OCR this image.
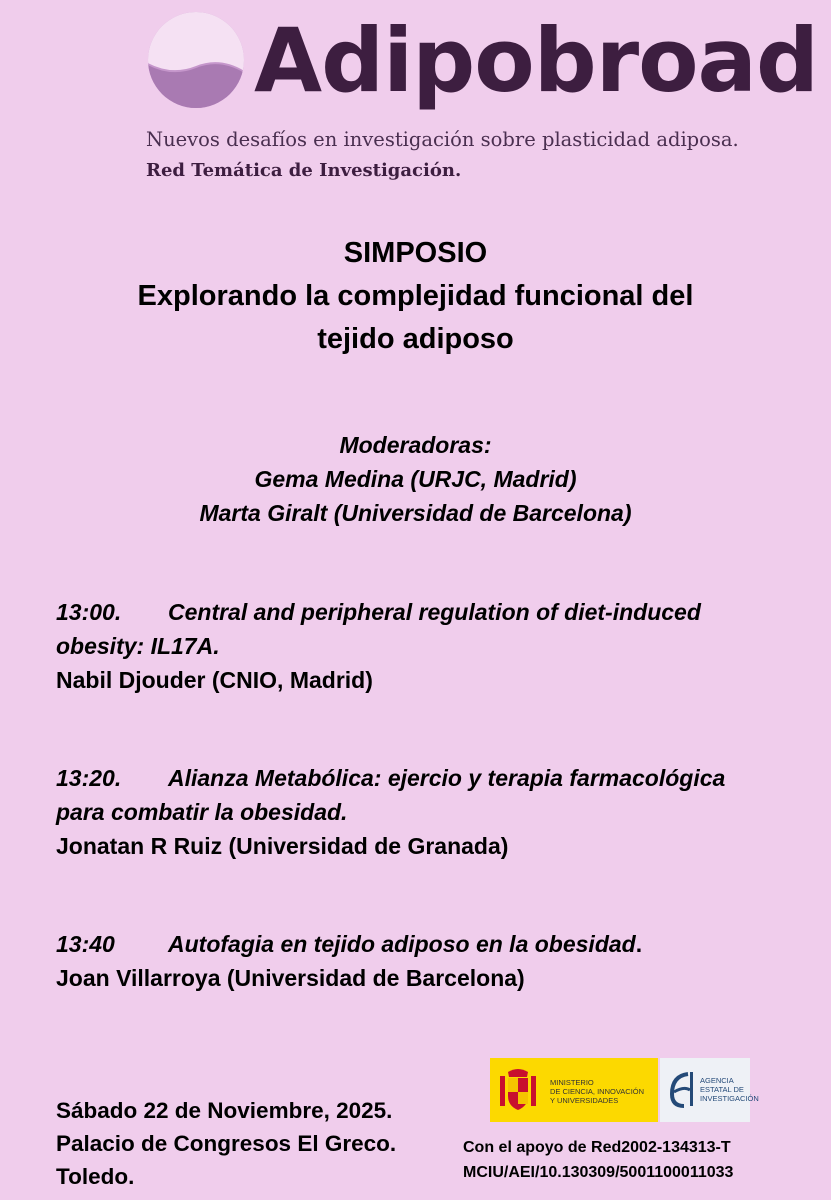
Adipobroad
Nuevos desafíos en investigación sobre plasticidad adiposa.
Red Temática de Investigación.
SIMPOSIO
Explorando la complejidad funcional del
tejido adiposo
Moderadoras:
Gema Medina (URJC, Madrid)
Marta Giralt (Universidad de Barcelona)
13:00. Central and peripheral regulation of diet-induced
obesity: IL17A.
Nabil Djouder (CNIO, Madrid)
13:20. Alianza Metabólica: ejercio y terapia farmacológica
para combatir la obesidad.
Jonatan R Ruiz (Universidad de Granada)
13:40 Autofagia en tejido adiposo en la obesidad.
Joan Villarroya (Universidad de Barcelona)
Sábado 22 de Noviembre, 2025.
Palacio de Congresos El Greco.
Toledo.
MINISTERIO
DE CIENCIA, INNOVACIÓN
Y UNIVERSIDADES
AGENCIA
ESTATAL DE
INVESTIGACIÓN
Con el apoyo de Red2002-134313-T
MCIU/AEI/10.130309/5001100011033
